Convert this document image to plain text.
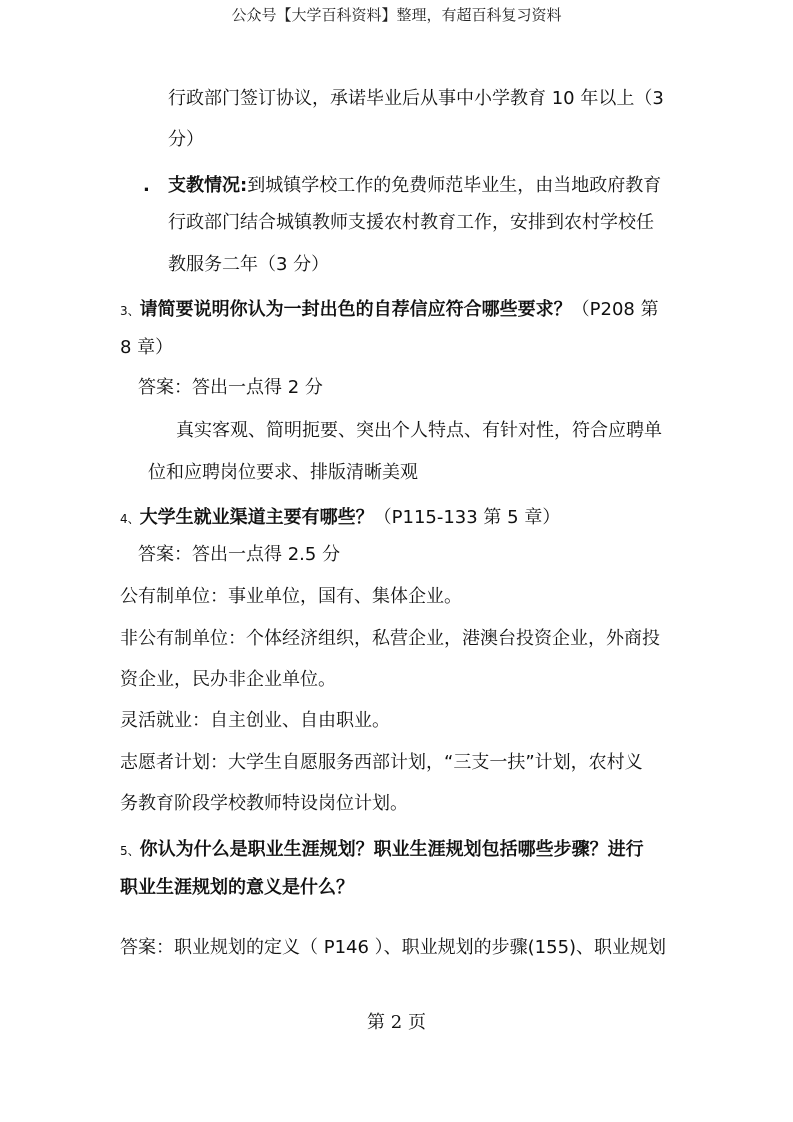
公众号【大学百科资料】整理，有超百科复习资料
行政部门签订协议，承诺毕业后从事中小学教育 10 年以上（3
分）
. 支教情况:到城镇学校工作的免费师范毕业生，由当地政府教育
行政部门结合城镇教师支援农村教育工作，安排到农村学校任
教服务二年（3 分）
3、请简要说明你认为一封出色的自荐信应符合哪些要求？（P208 第
8 章）
答案：答出一点得 2 分
真实客观、简明扼要、突出个人特点、有针对性，符合应聘单
位和应聘岗位要求、排版清晰美观
4、大学生就业渠道主要有哪些？（P115-133 第 5 章）
答案：答出一点得 2.5 分
公有制单位：事业单位，国有、集体企业。
非公有制单位：个体经济组织，私营企业，港澳台投资企业，外商投
资企业，民办非企业单位。
灵活就业：自主创业、自由职业。
志愿者计划：大学生自愿服务西部计划，“三支一扶”计划，农村义
务教育阶段学校教师特设岗位计划。
5、你认为什么是职业生涯规划？职业生涯规划包括哪些步骤？进行
职业生涯规划的意义是什么？
答案：职业规划的定义（ P146 ）、职业规划的步骤(155)、职业规划
第 2 页
